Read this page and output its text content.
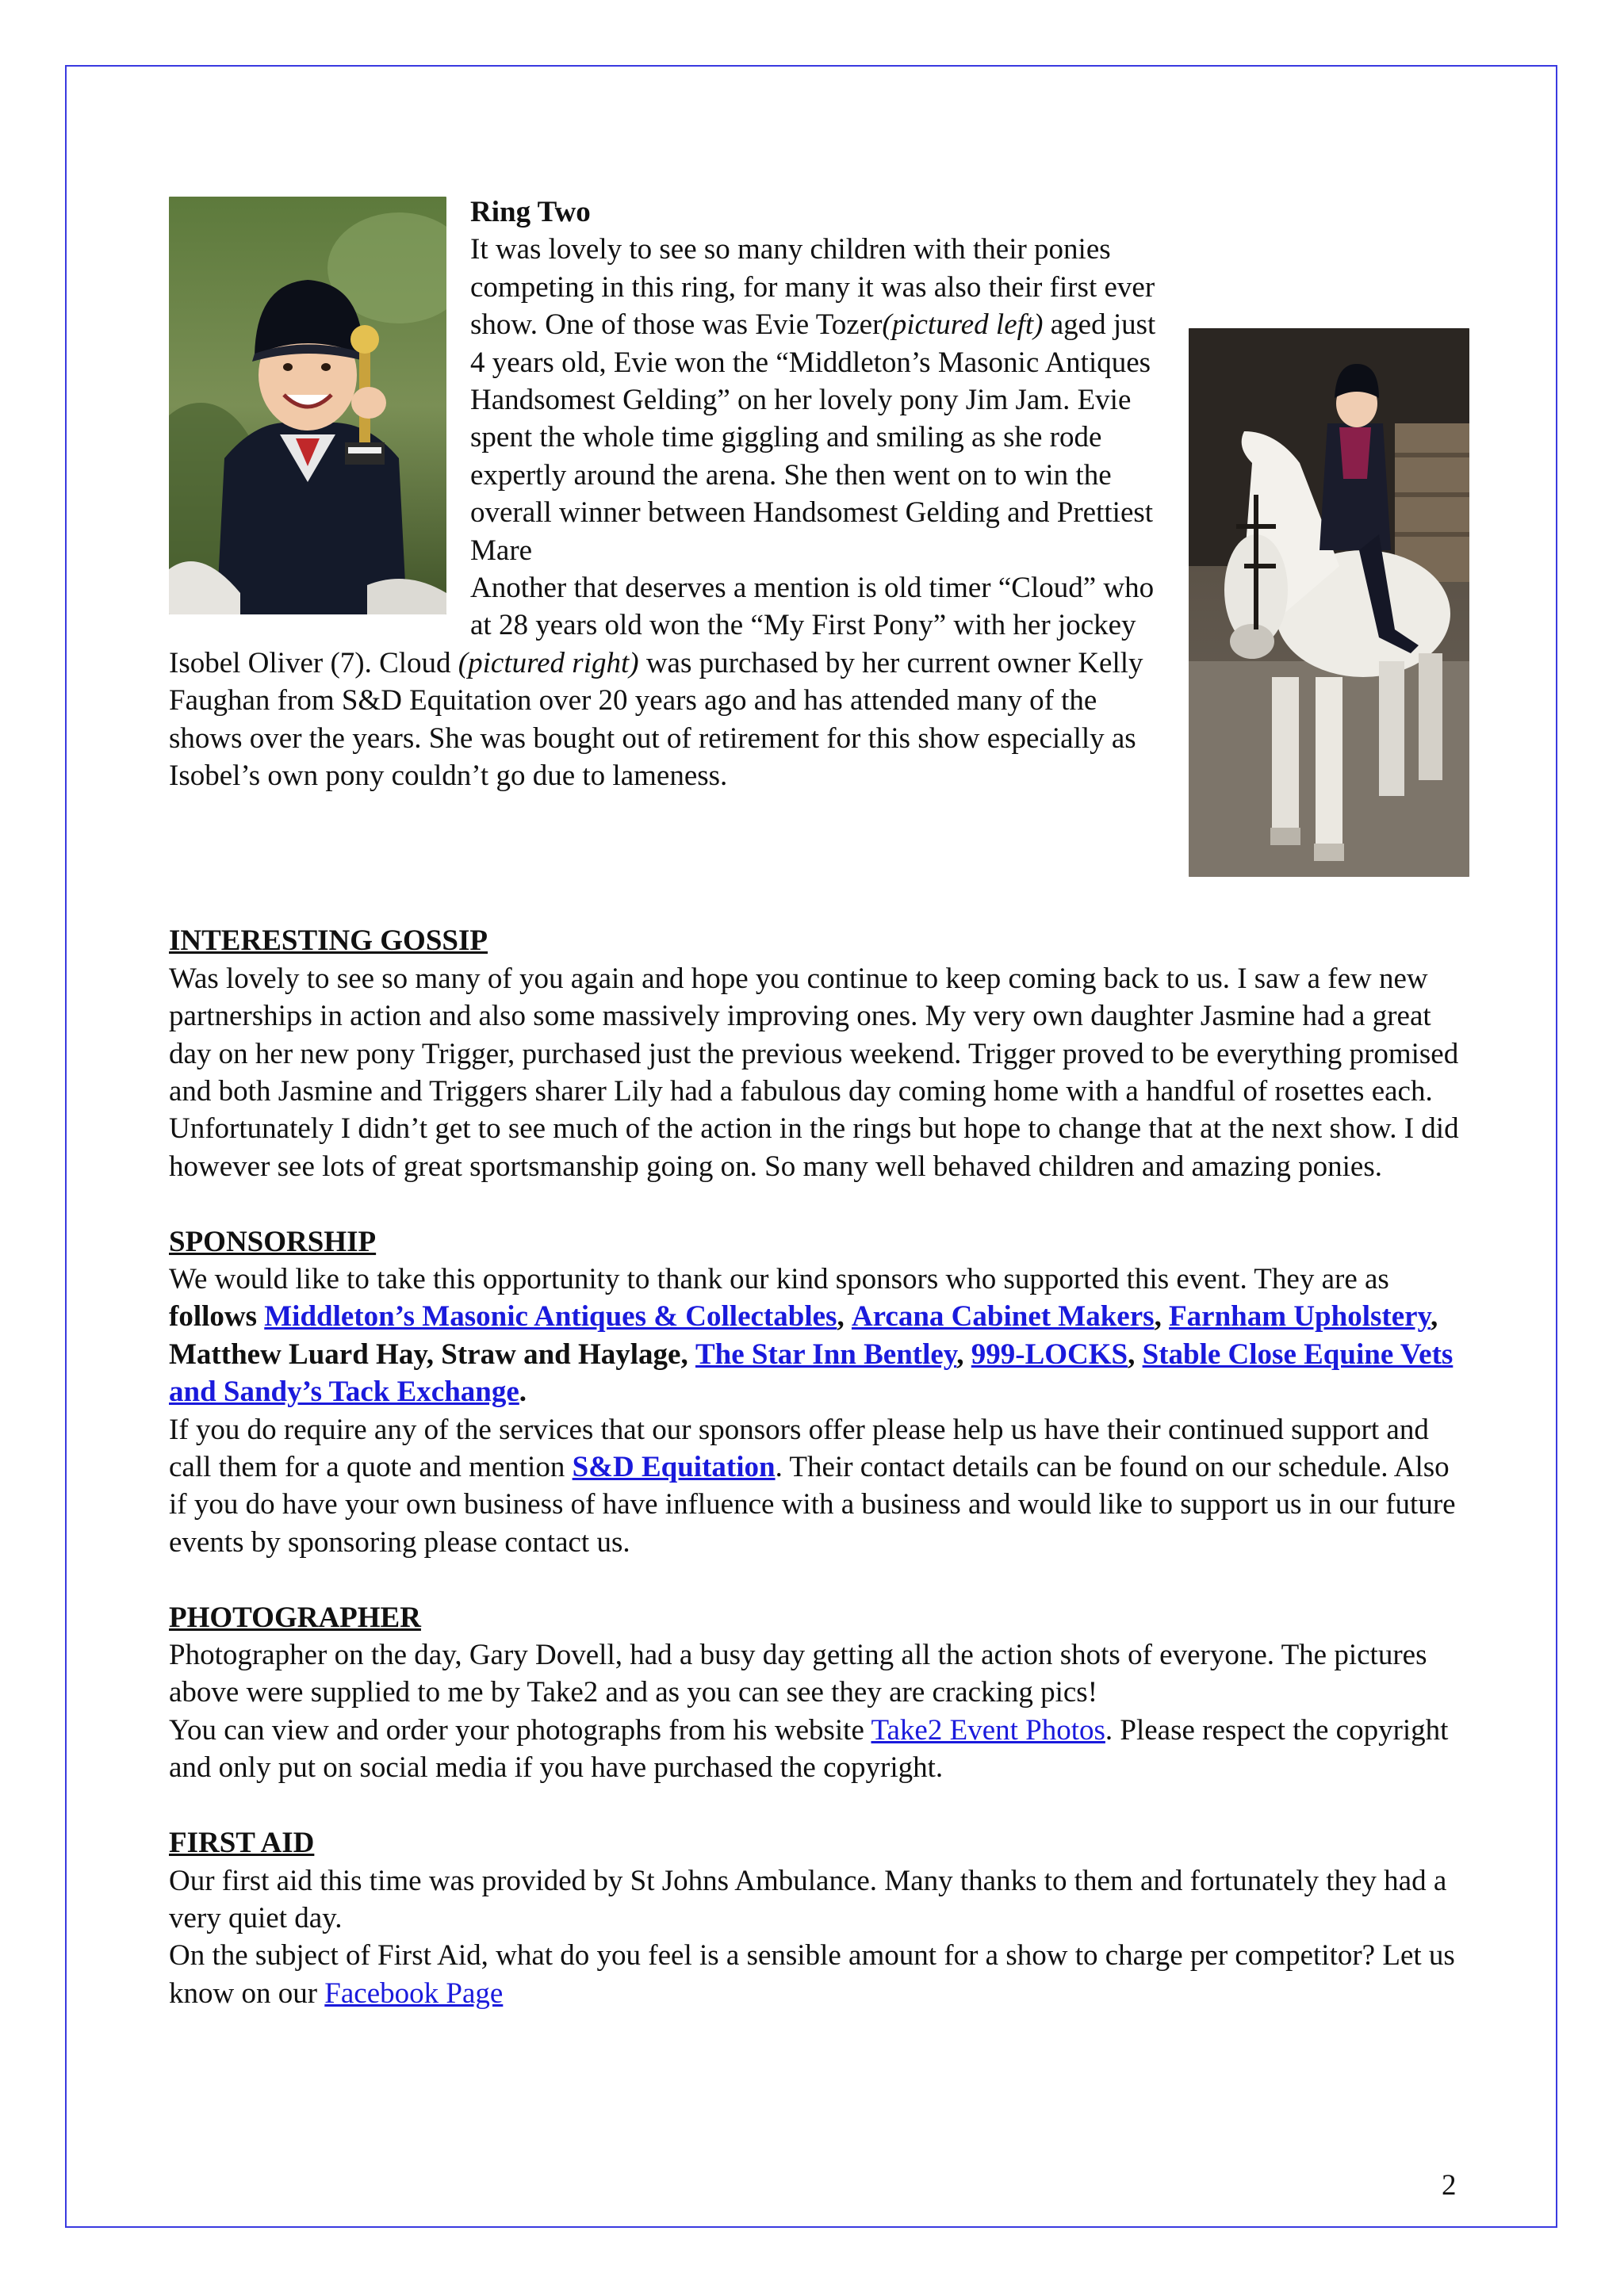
Ring Two

It was lovely to see so many children with their ponies competing in this ring, for many it was also their first ever show. One of those was Evie Tozer(pictured left) aged just 4 years old, Evie won the “Middleton’s Masonic Antiques Handsomest Gelding” on her lovely pony Jim Jam. Evie spent the whole time giggling and smiling as she rode expertly around the arena. She then went on to win the overall winner between Handsomest Gelding and Prettiest Mare

Another that deserves a mention is old timer “Cloud” who at 28 years old won the “My First Pony” with her jockey Isobel Oliver (7). Cloud (pictured right) was purchased by her current owner Kelly Faughan from S&D Equitation over 20 years ago and has attended many of the shows over the years. She was bought out of retirement for this show especially as Isobel’s own pony couldn’t go due to lameness.

INTERESTING GOSSIP

Was lovely to see so many of you again and hope you continue to keep coming back to us. I saw a few new partnerships in action and also some massively improving ones. My very own daughter Jasmine had a great day on her new pony Trigger, purchased just the previous weekend. Trigger proved to be everything promised and both Jasmine and Triggers sharer Lily had a fabulous day coming home with a handful of rosettes each.

Unfortunately I didn’t get to see much of the action in the rings but hope to change that at the next show. I did however see lots of great sportsmanship going on. So many well behaved children and amazing ponies.

SPONSORSHIP

We would like to take this opportunity to thank our kind sponsors who supported this event. They are as follows Middleton’s Masonic Antiques & Collectables, Arcana Cabinet Makers, Farnham Upholstery, Matthew Luard Hay, Straw and Haylage, The Star Inn Bentley, 999-LOCKS, Stable Close Equine Vets and Sandy’s Tack Exchange.

If you do require any of the services that our sponsors offer please help us have their continued support and call them for a quote and mention S&D Equitation. Their contact details can be found on our schedule. Also if you do have your own business of have influence with a business and would like to support us in our future events by sponsoring please contact us.

PHOTOGRAPHER

Photographer on the day, Gary Dovell, had a busy day getting all the action shots of everyone. The pictures above were supplied to me by Take2 and as you can see they are cracking pics!

You can view and order your photographs from his website Take2 Event Photos. Please respect the copyright and only put on social media if you have purchased the copyright.

FIRST AID

Our first aid this time was provided by St Johns Ambulance. Many thanks to them and fortunately they had a very quiet day.

On the subject of First Aid, what do you feel is a sensible amount for a show to charge per competitor? Let us know on our Facebook Page

2
